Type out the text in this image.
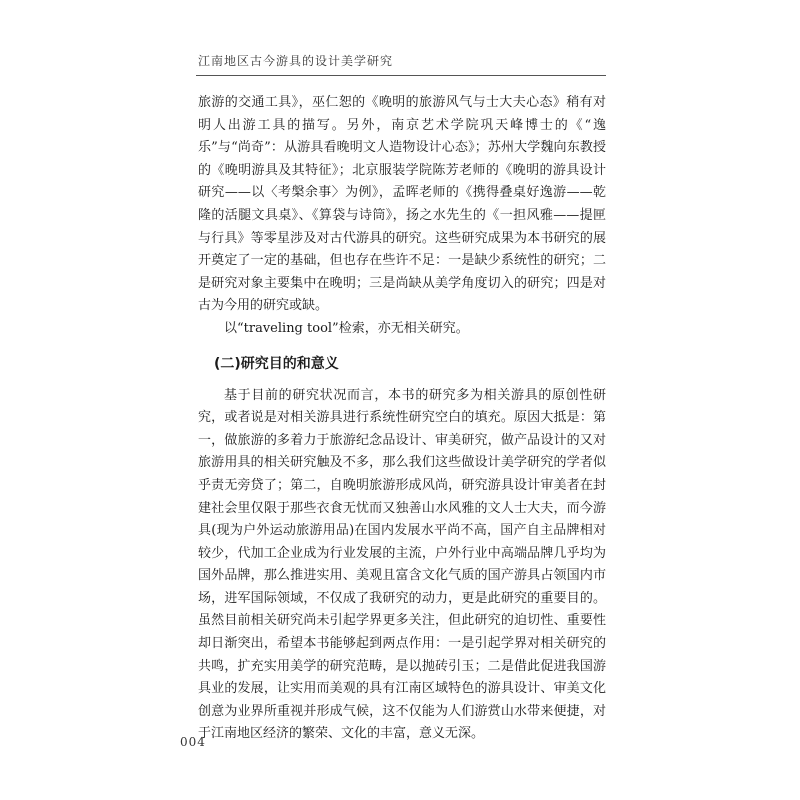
江南地区古今游具的设计美学研究

旅游的交通工具》，巫仁恕的《晚明的旅游风气与士大夫心态》稍有对明人出游工具的描写。另外，南京艺术学院巩天峰博士的《“逸乐”与“尚奇”：从游具看晚明文人造物设计心态》；苏州大学魏向东教授的《晚明游具及其特征》；北京服装学院陈芳老师的《晚明的游具设计研究——以〈考槃余事〉为例》，孟晖老师的《携得叠桌好逸游——乾隆的活腿文具桌》、《算袋与诗筒》，扬之水先生的《一担风雅——提匣与行具》等零星涉及对古代游具的研究。这些研究成果为本书研究的展开奠定了一定的基础，但也存在些许不足：一是缺少系统性的研究；二是研究对象主要集中在晚明；三是尚缺从美学角度切入的研究；四是对古为今用的研究或缺。

以“traveling tool”检索，亦无相关研究。

(二)研究目的和意义

基于目前的研究状况而言，本书的研究多为相关游具的原创性研究，或者说是对相关游具进行系统性研究空白的填充。原因大抵是：第一，做旅游的多着力于旅游纪念品设计、审美研究，做产品设计的又对旅游用具的相关研究触及不多，那么我们这些做设计美学研究的学者似乎责无旁贷了；第二，自晚明旅游形成风尚，研究游具设计审美者在封建社会里仅限于那些衣食无忧而又独善山水风雅的文人士大夫，而今游具(现为户外运动旅游用品)在国内发展水平尚不高，国产自主品牌相对较少，代加工企业成为行业发展的主流，户外行业中高端品牌几乎均为国外品牌，那么推进实用、美观且富含文化气质的国产游具占领国内市场，进军国际领域，不仅成了我研究的动力，更是此研究的重要目的。虽然目前相关研究尚未引起学界更多关注，但此研究的迫切性、重要性却日渐突出，希望本书能够起到两点作用：一是引起学界对相关研究的共鸣，扩充实用美学的研究范畴，是以抛砖引玉；二是借此促进我国游具业的发展，让实用而美观的具有江南区域特色的游具设计、审美文化创意为业界所重视并形成气候，这不仅能为人们游赏山水带来便捷，对于江南地区经济的繁荣、文化的丰富，意义无深。

004
